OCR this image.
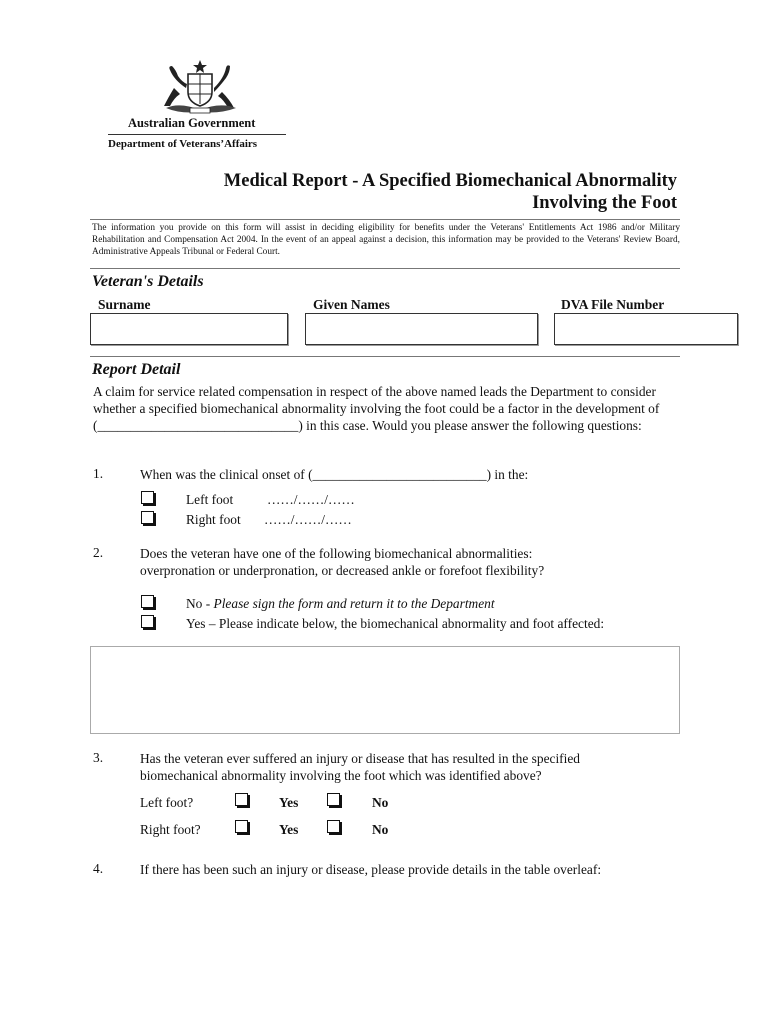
Australian Government
Department of Veterans’Affairs
Medical Report - A Specified Biomechanical Abnormality
Involving the Foot
The information you provide on this form will assist in deciding eligibility for benefits under the Veterans' Entitlements Act 1986 and/or Military Rehabilitation and Compensation Act 2004. In the event of an appeal against a decision, this information may be provided to the Veterans' Review Board, Administrative Appeals Tribunal or Federal Court.
Veteran's Details
Surname	Given Names	DVA File Number
Report Detail
A claim for service related compensation in respect of the above named leads the Department to consider whether a specified biomechanical abnormality involving the foot could be a factor in the development of (______________________________) in this case. Would you please answer the following questions:
1.	When was the clinical onset of (__________________________) in the:
Left foot	……/……/……
Right foot ……/……/……
2.	Does the veteran have one of the following biomechanical abnormalities:
overpronation or underpronation, or decreased ankle or forefoot flexibility?
No - Please sign the form and return it to the Department
Yes – Please indicate below, the biomechanical abnormality and foot affected:
3.	Has the veteran ever suffered an injury or disease that has resulted in the specified
biomechanical abnormality involving the foot which was identified above?
Left foot?	Yes	No
Right foot?	Yes	No
4.	If there has been such an injury or disease, please provide details in the table overleaf:
